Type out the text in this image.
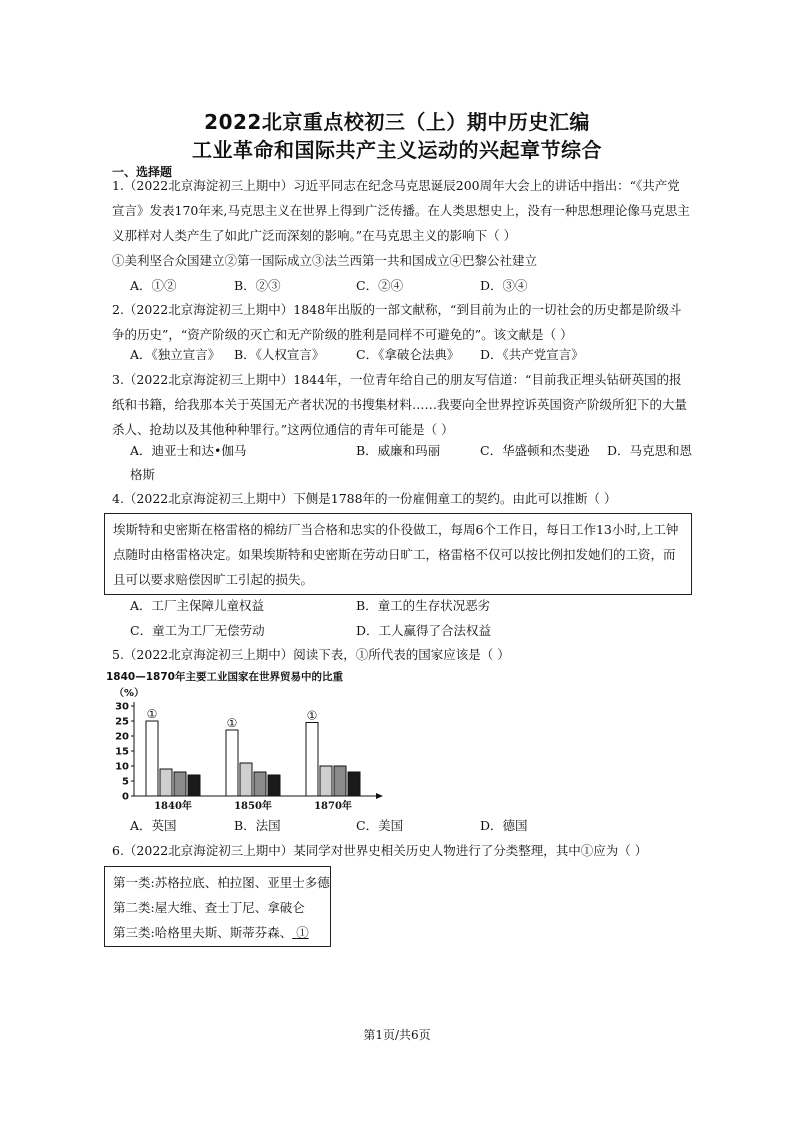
2022北京重点校初三（上）期中历史汇编
工业革命和国际共产主义运动的兴起章节综合
一、选择题

1.（2022北京海淀初三上期中）习近平同志在纪念马克思诞辰200周年大会上的讲话中指出：“《共产党宣言》发表170年来,马克思主义在世界上得到广泛传播。在人类思想史上，没有一种思想理论像马克思主义那样对人类产生了如此广泛而深刻的影响。”在马克思主义的影响下（ ）

①美利坚合众国建立②第一国际成立③法兰西第一共和国成立④巴黎公社建立

A．①②	B．②③	C．②④	D．③④

2.（2022北京海淀初三上期中）1848年出版的一部文献称，“到目前为止的一切社会的历史都是阶级斗争的历史”，“资产阶级的灭亡和无产阶级的胜利是同样不可避免的”。该文献是（ ）

A．《独立宣言》 B．《人权宣言》	C．《拿破仑法典》 D．《共产党宣言》

3.（2022北京海淀初三上期中）1844年，一位青年给自己的朋友写信道：“目前我正埋头钻研英国的报纸和书籍，给我那本关于英国无产者状况的书搜集材料……我要向全世界控诉英国资产阶级所犯下的大量杀人、抢劫以及其他种种罪行。”这两位通信的青年可能是（ ）

A．迪亚士和达•伽马	B．威廉和玛丽	C．华盛顿和杰斐逊 D．马克思和恩
格斯

4.（2022北京海淀初三上期中）下侧是1788年的一份雇佣童工的契约。由此可以推断（ ）

埃斯特和史密斯在格雷格的棉纺厂当合格和忠实的仆役做工，每周6个工作日，每日工作13小时,上工钟点随时由格雷格决定。如果埃斯特和史密斯在劳动日旷工，格雷格不仅可以按比例扣发她们的工资，而且可以要求赔偿因旷工引起的损失。
A．工厂主保障儿童权益	B．童工的生存状况恶劣
C．童工为工厂无偿劳动	D．工人赢得了合法权益

5.（2022北京海淀初三上期中）阅读下表，①所代表的国家应该是（ ）

1840—1870年主要工业国家在世界贸易中的比重
（%）
0
5
10
15
20
25
30 ①
1840年
①
1850年
①
1870年
A．英国	B．法国	C．美国	D．德国

6.（2022北京海淀初三上期中）某同学对世界史相关历史人物进行了分类整理，其中①应为（ ）

第一类:苏格拉底、柏拉图、亚里士多德
第二类:屋大维、查士丁尼、拿破仑
第三类:哈格里夫斯、斯蒂芬森、 ①
第1页/共6页
